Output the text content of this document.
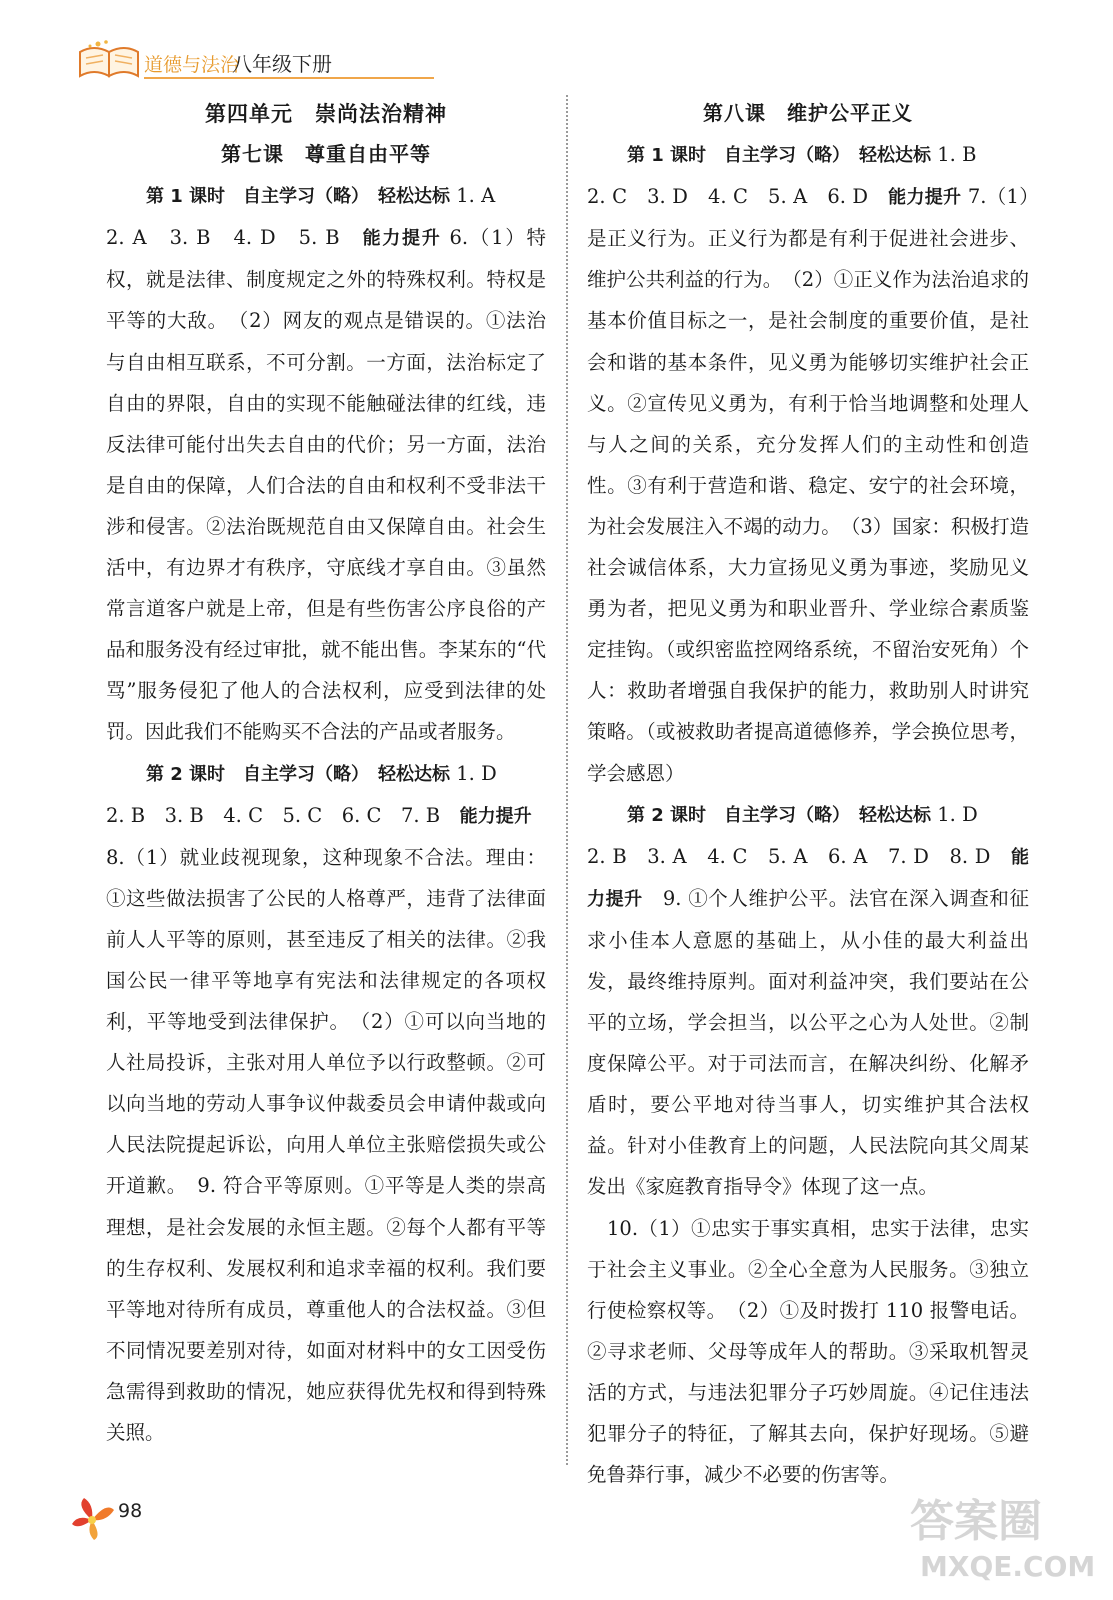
道德与法治
八年级下册
第四单元　崇尚法治精神
第七课　尊重自由平等
第 1 课时　自主学习（略）　轻松达标 1. A
2. A　3. B　4. D　5. B　能力提升 6.（1）特权，就是法律、制度规定之外的特殊权利。特权是平等的大敌。　（2）网友的观点是错误的。①法治与自由相互联系，不可分割。一方面，法治标定了自由的界限，自由的实现不能触碰法律的红线，违反法律可能付出失去自由的代价；另一方面，法治是自由的保障，人们合法的自由和权利不受非法干涉和侵害。②法治既规范自由又保障自由。社会生活中，有边界才有秩序，守底线才享自由。③虽然常言道客户就是上帝，但是有些伤害公序良俗的产品和服务没有经过审批，就不能出售。李某东的“代骂”服务侵犯了他人的合法权利，应受到法律的处罚。因此我们不能购买不合法的产品或者服务。
第 2 课时　自主学习（略）　轻松达标 1. D
2. B　3. B　4. C　5. C　6. C　7. B　能力提升
8.（1）就业歧视现象，这种现象不合法。理由：①这些做法损害了公民的人格尊严，违背了法律面前人人平等的原则，甚至违反了相关的法律。②我国公民一律平等地享有宪法和法律规定的各项权利，平等地受到法律保护。　（2）①可以向当地的人社局投诉，主张对用人单位予以行政整顿。②可以向当地的劳动人事争议仲裁委员会申请仲裁或向人民法院提起诉讼，向用人单位主张赔偿损失或公开道歉。　9. 符合平等原则。①平等是人类的崇高理想，是社会发展的永恒主题。②每个人都有平等的生存权利、发展权利和追求幸福的权利。我们要平等地对待所有成员，尊重他人的合法权益。③但不同情况要差别对待，如面对材料中的女工因受伤急需得到救助的情况，她应获得优先权和得到特殊关照。
第八课　维护公平正义
第 1 课时　自主学习（略）　轻松达标 1. B
2. C　3. D　4. C　5. A　6. D　能力提升 7.（1）是正义行为。正义行为都是有利于促进社会进步、维护公共利益的行为。　（2）①正义作为法治追求的基本价值目标之一，是社会制度的重要价值，是社会和谐的基本条件，见义勇为能够切实维护社会正义。②宣传见义勇为，有利于恰当地调整和处理人与人之间的关系，充分发挥人们的主动性和创造性。③有利于营造和谐、稳定、安宁的社会环境，为社会发展注入不竭的动力。　（3）国家：积极打造社会诚信体系，大力宣扬见义勇为事迹，奖励见义勇为者，把见义勇为和职业晋升、学业综合素质鉴定挂钩。（或织密监控网络系统，不留治安死角）个人：救助者增强自我保护的能力，救助别人时讲究策略。（或被救助者提高道德修养，学会换位思考，学会感恩）
第 2 课时　自主学习（略）　轻松达标 1. D
2. B　3. A　4. C　5. A　6. A　7. D　8. D　能力提升　9. ①个人维护公平。法官在深入调查和征求小佳本人意愿的基础上，从小佳的最大利益出发，最终维持原判。面对利益冲突，我们要站在公平的立场，学会担当，以公平之心为人处世。②制度保障公平。对于司法而言，在解决纠纷、化解矛盾时，要公平地对待当事人，切实维护其合法权益。针对小佳教育上的问题，人民法院向其父周某发出《家庭教育指导令》体现了这一点。
10.（1）①忠实于事实真相，忠实于法律，忠实于社会主义事业。②全心全意为人民服务。③独立行使检察权等。　（2）①及时拨打 110 报警电话。②寻求老师、父母等成年人的帮助。③采取机智灵活的方式，与违法犯罪分子巧妙周旋。④记住违法犯罪分子的特征，了解其去向，保护好现场。⑤避免鲁莽行事，减少不必要的伤害等。
98	答案圈
MXQE.COM
